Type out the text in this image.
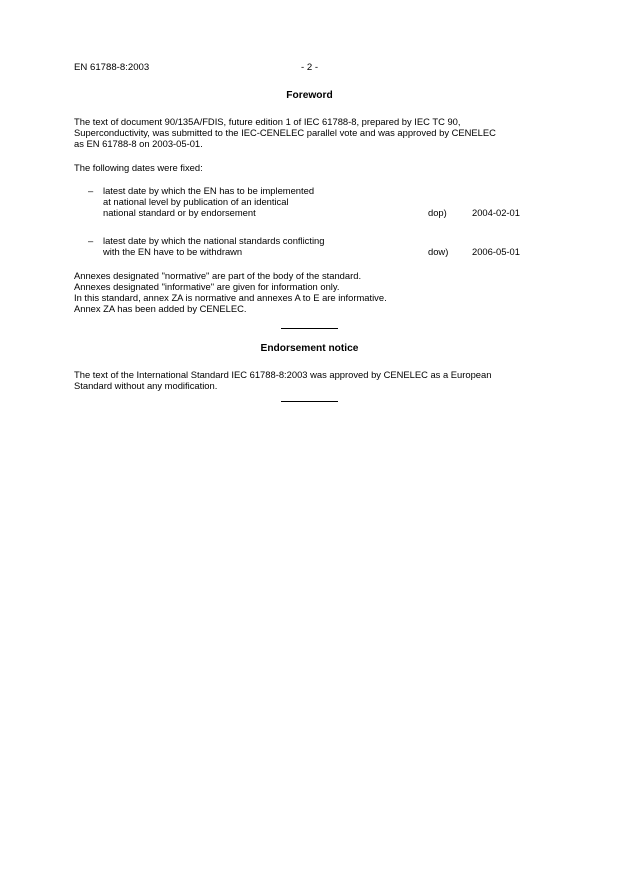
EN 61788-8:2003	- 2 -
Foreword

The text of document 90/135A/FDIS, future edition 1 of IEC 61788-8, prepared by IEC TC 90,

Superconductivity, was submitted to the IEC-CENELEC parallel vote and was approved by CENELEC

as EN 61788-8 on 2003-05-01.

The following dates were fixed:

– latest date by which the EN has to be implemented
at national level by publication of an identical
national standard or by endorsement	dop)	2004-02-01
– latest date by which the national standards conflicting
with the EN have to be withdrawn	dow)	2006-05-01

Annexes designated "normative" are part of the body of the standard.

Annexes designated "informative" are given for information only.

In this standard, annex ZA is normative and annexes A to E are informative.

Annex ZA has been added by CENELEC.

Endorsement notice

The text of the International Standard IEC 61788-8:2003 was approved by CENELEC as a European

Standard without any modification.
